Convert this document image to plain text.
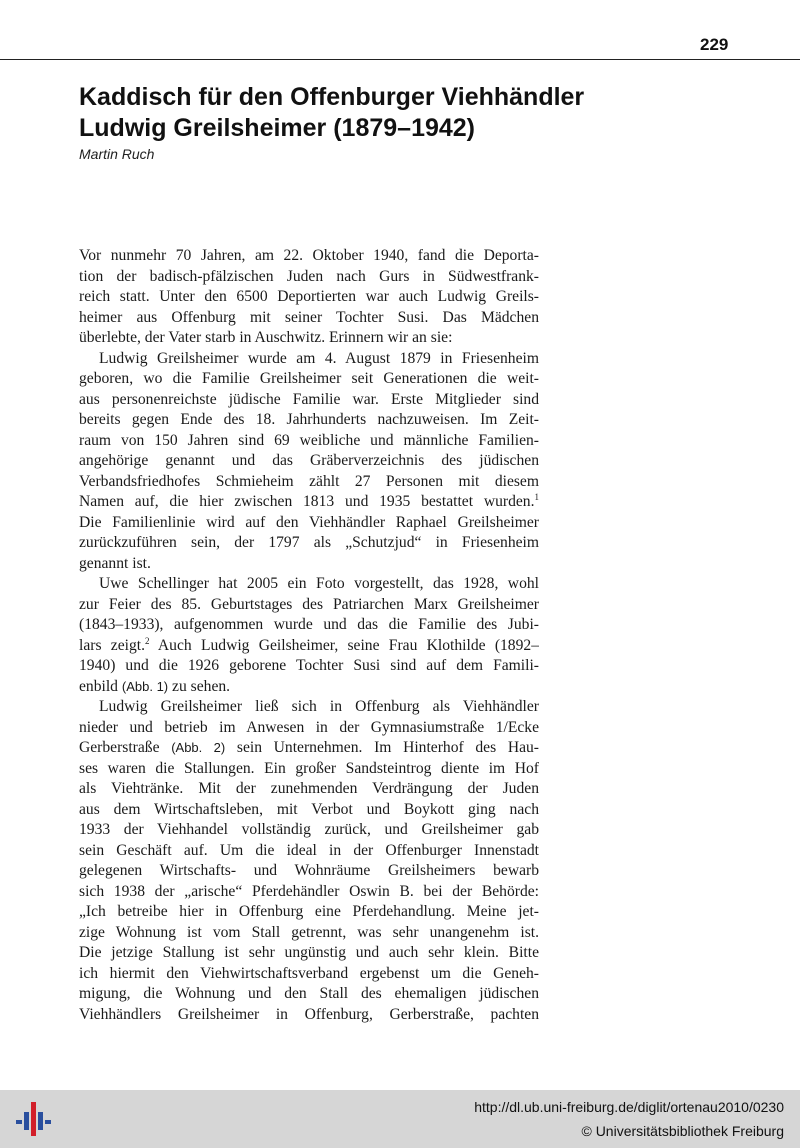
229
Kaddisch für den Offenburger Viehhändler
Ludwig Greilsheimer (1879–1942)

Martin Ruch

Vor nunmehr 70 Jahren, am 22. Oktober 1940, fand die Deporta-
tion der badisch-pfälzischen Juden nach Gurs in Südwestfrank-
reich statt. Unter den 6500 Deportierten war auch Ludwig Greils-
heimer aus Offenburg mit seiner Tochter Susi. Das Mädchen
überlebte, der Vater starb in Auschwitz. Erinnern wir an sie:
Ludwig Greilsheimer wurde am 4. August 1879 in Friesenheim
geboren, wo die Familie Greilsheimer seit Generationen die weit-
aus personenreichste jüdische Familie war. Erste Mitglieder sind
bereits gegen Ende des 18. Jahrhunderts nachzuweisen. Im Zeit-
raum von 150 Jahren sind 69 weibliche und männliche Familien-
angehörige genannt und das Gräberverzeichnis des jüdischen
Verbandsfriedhofes Schmieheim zählt 27 Personen mit diesem
Namen auf, die hier zwischen 1813 und 1935 bestattet wurden.$^1$
Die Familienlinie wird auf den Viehhändler Raphael Greilsheimer
zurückzuführen sein, der 1797 als „Schutzjud“ in Friesenheim
genannt ist.
Uwe Schellinger hat 2005 ein Foto vorgestellt, das 1928, wohl
zur Feier des 85. Geburtstages des Patriarchen Marx Greilsheimer
(1843–1933), aufgenommen wurde und das die Familie des Jubi-
lars zeigt.$^2$ Auch Ludwig Geilsheimer, seine Frau Klothilde (1892–
1940) und die 1926 geborene Tochter Susi sind auf dem Famili-
enbild (Abb. 1) zu sehen.
Ludwig Greilsheimer ließ sich in Offenburg als Viehhändler
nieder und betrieb im Anwesen in der Gymnasiumstraße 1/Ecke
Gerberstraße (Abb. 2) sein Unternehmen. Im Hinterhof des Hau-
ses waren die Stallungen. Ein großer Sandsteintrog diente im Hof
als Viehtränke. Mit der zunehmenden Verdrängung der Juden
aus dem Wirtschaftsleben, mit Verbot und Boykott ging nach
1933 der Viehhandel vollständig zurück, und Greilsheimer gab
sein Geschäft auf. Um die ideal in der Offenburger Innenstadt
gelegenen Wirtschafts- und Wohnräume Greilsheimers bewarb
sich 1938 der „arische“ Pferdehändler Oswin B. bei der Behörde:
„Ich betreibe hier in Offenburg eine Pferdehandlung. Meine jet-
zige Wohnung ist vom Stall getrennt, was sehr unangenehm ist.
Die jetzige Stallung ist sehr ungünstig und auch sehr klein. Bitte
ich hiermit den Viehwirtschaftsverband ergebenst um die Geneh-
migung, die Wohnung und den Stall des ehemaligen jüdischen
Viehhändlers Greilsheimer in Offenburg, Gerberstraße, pachten
http://dl.ub.uni-freiburg.de/diglit/ortenau2010/0230
© Universitätsbibliothek Freiburg
